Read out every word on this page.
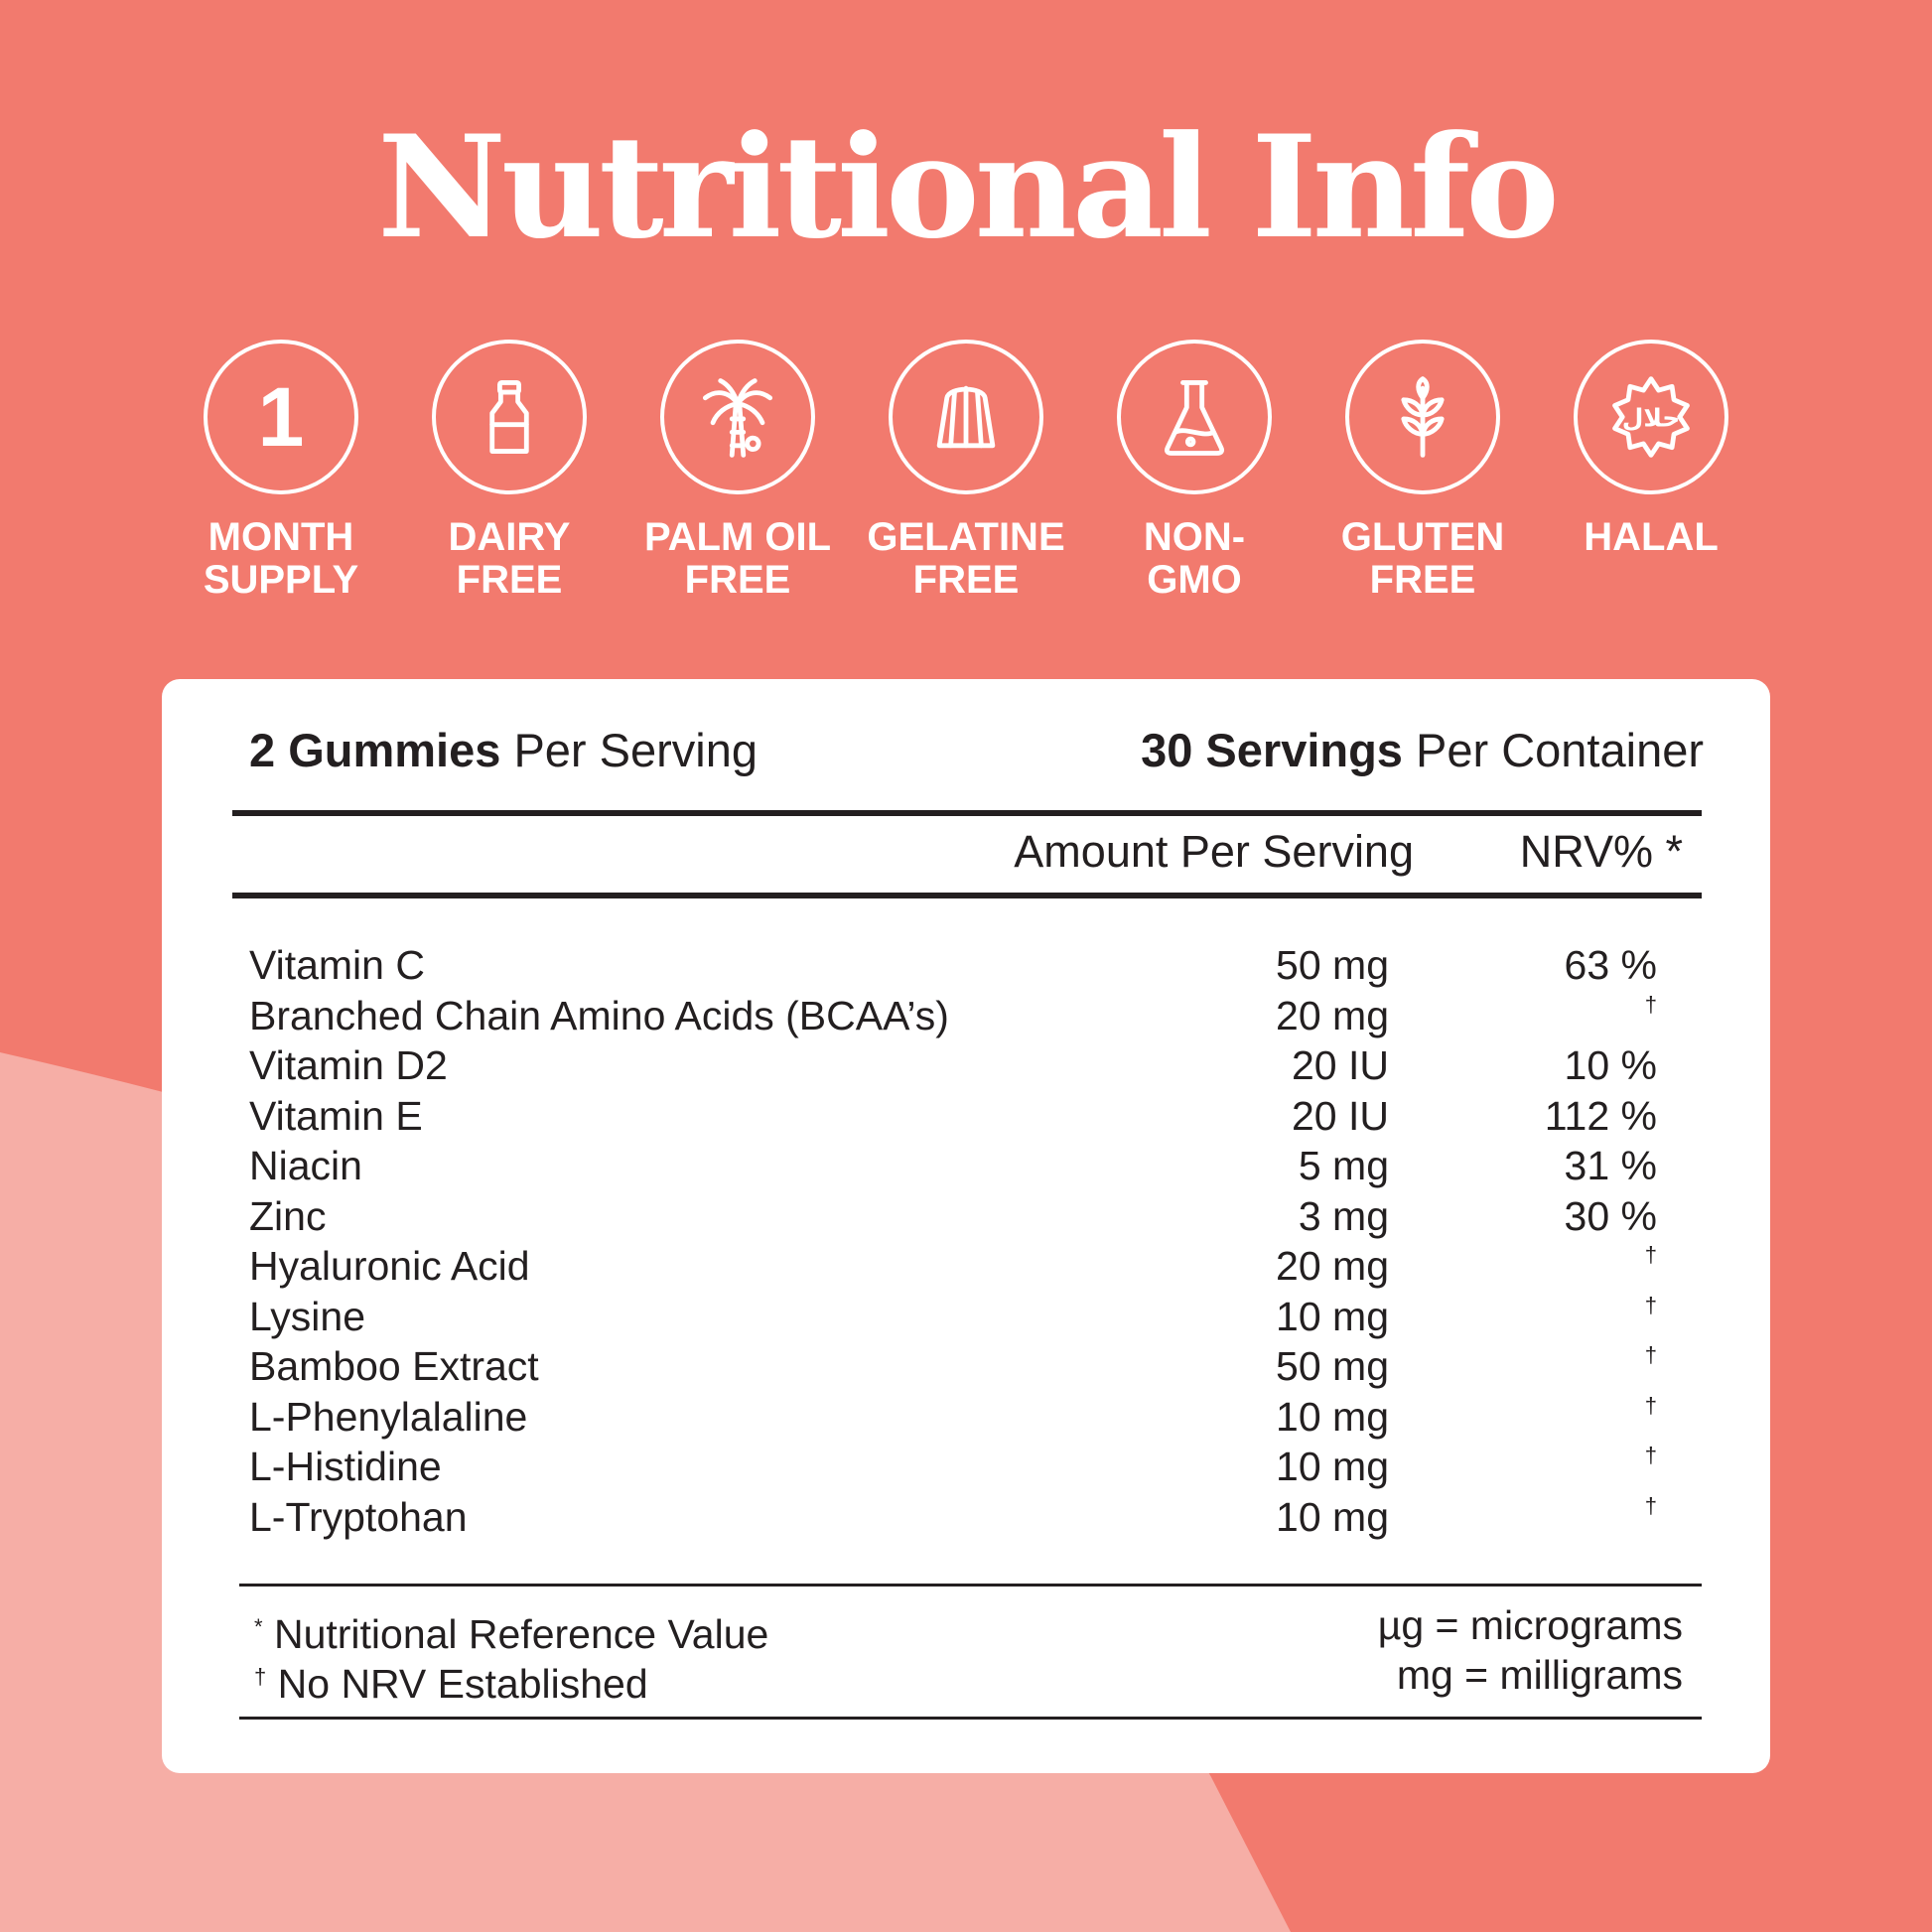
Nutritional Info
1
MONTH
SUPPLY
DAIRY
FREE
PALM OIL
FREE
GELATINE
FREE
NON-
GMO
GLUTEN
FREE
حلال
HALAL
2 Gummies Per Serving	30 Servings Per Container
Amount Per Serving NRV% *
Vitamin C	50 mg	63 %
Branched Chain Amino Acids (BCAA’s)	20 mg	†
Vitamin D2	20 IU	10 %
Vitamin E	20 IU	112 %
Niacin	5 mg	31 %
Zinc	3 mg	30 %
Hyaluronic Acid	20 mg	†
Lysine	10 mg	†
Bamboo Extract	50 mg	†
L-Phenylalaline	10 mg	†
L-Histidine	10 mg	†
L-Tryptohan	10 mg	†
* Nutritional Reference Value
† No NRV Established
µg = micrograms
mg = milligrams
